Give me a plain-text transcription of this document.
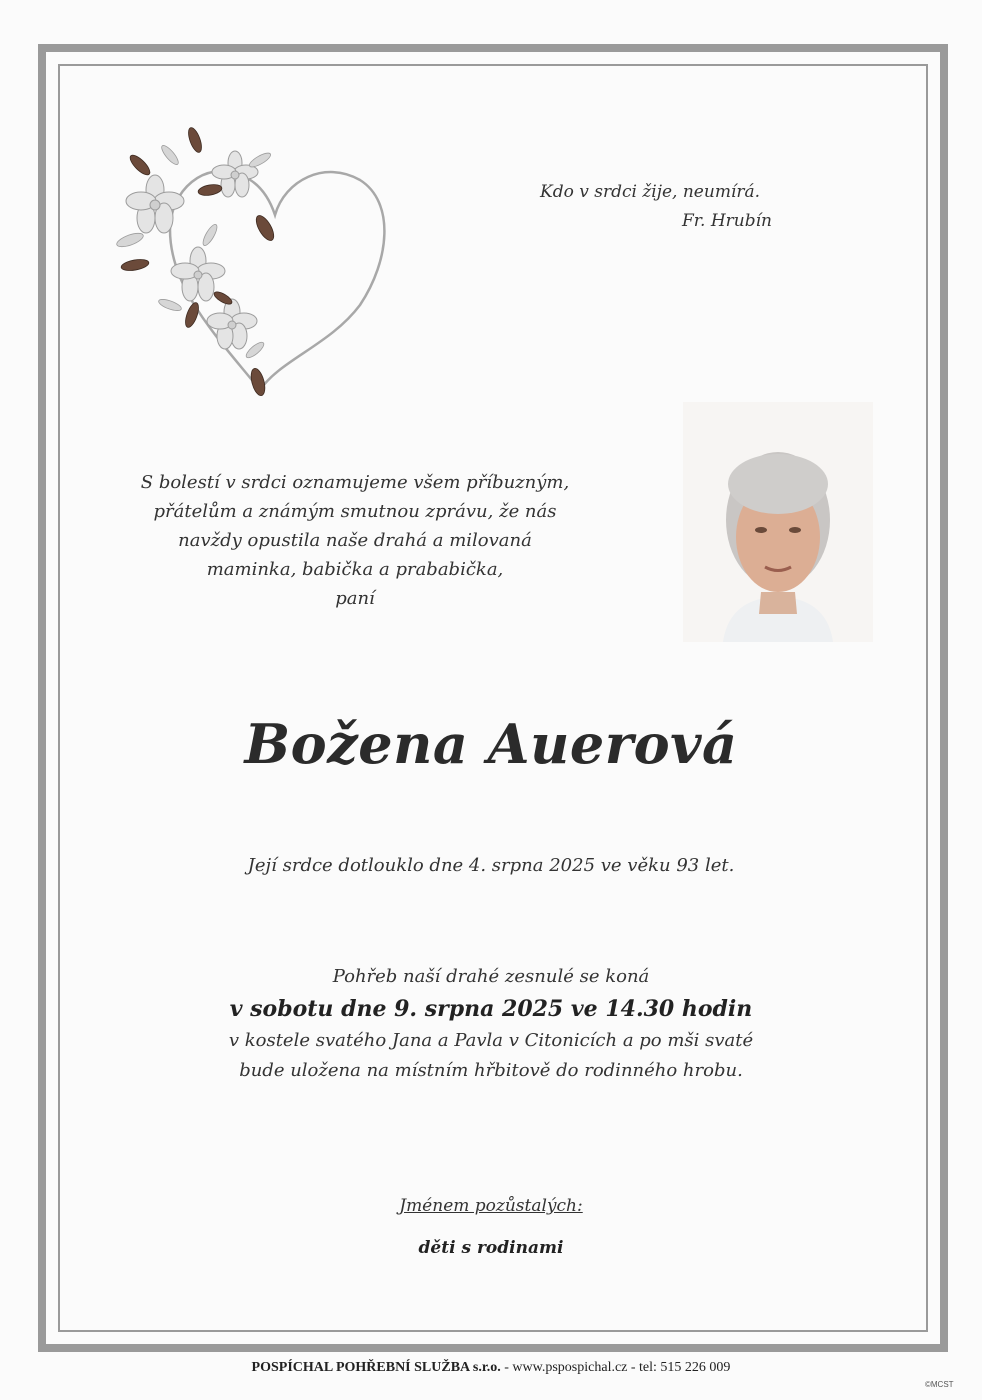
Kdo v srdci žije, neumírá.
Fr. Hrubín
S bolestí v srdci oznamujeme všem příbuzným,
přátelům a známým smutnou zprávu, že nás
navždy opustila naše drahá a milovaná
maminka, babička a prababička,
paní
Božena Auerová
Její srdce dotlouklo dne 4. srpna 2025 ve věku 93 let.
Pohřeb naší drahé zesnulé se koná
v sobotu dne 9. srpna 2025 ve 14.30 hodin
v kostele svatého Jana a Pavla v Citonicích a po mši svaté
bude uložena na místním hřbitově do rodinného hrobu.
Jménem pozůstalých:
děti s rodinami
POSPÍCHAL POHŘEBNÍ SLUŽBA s.r.o. - www.pspospichal.cz - tel: 515 226 009
©MCST
